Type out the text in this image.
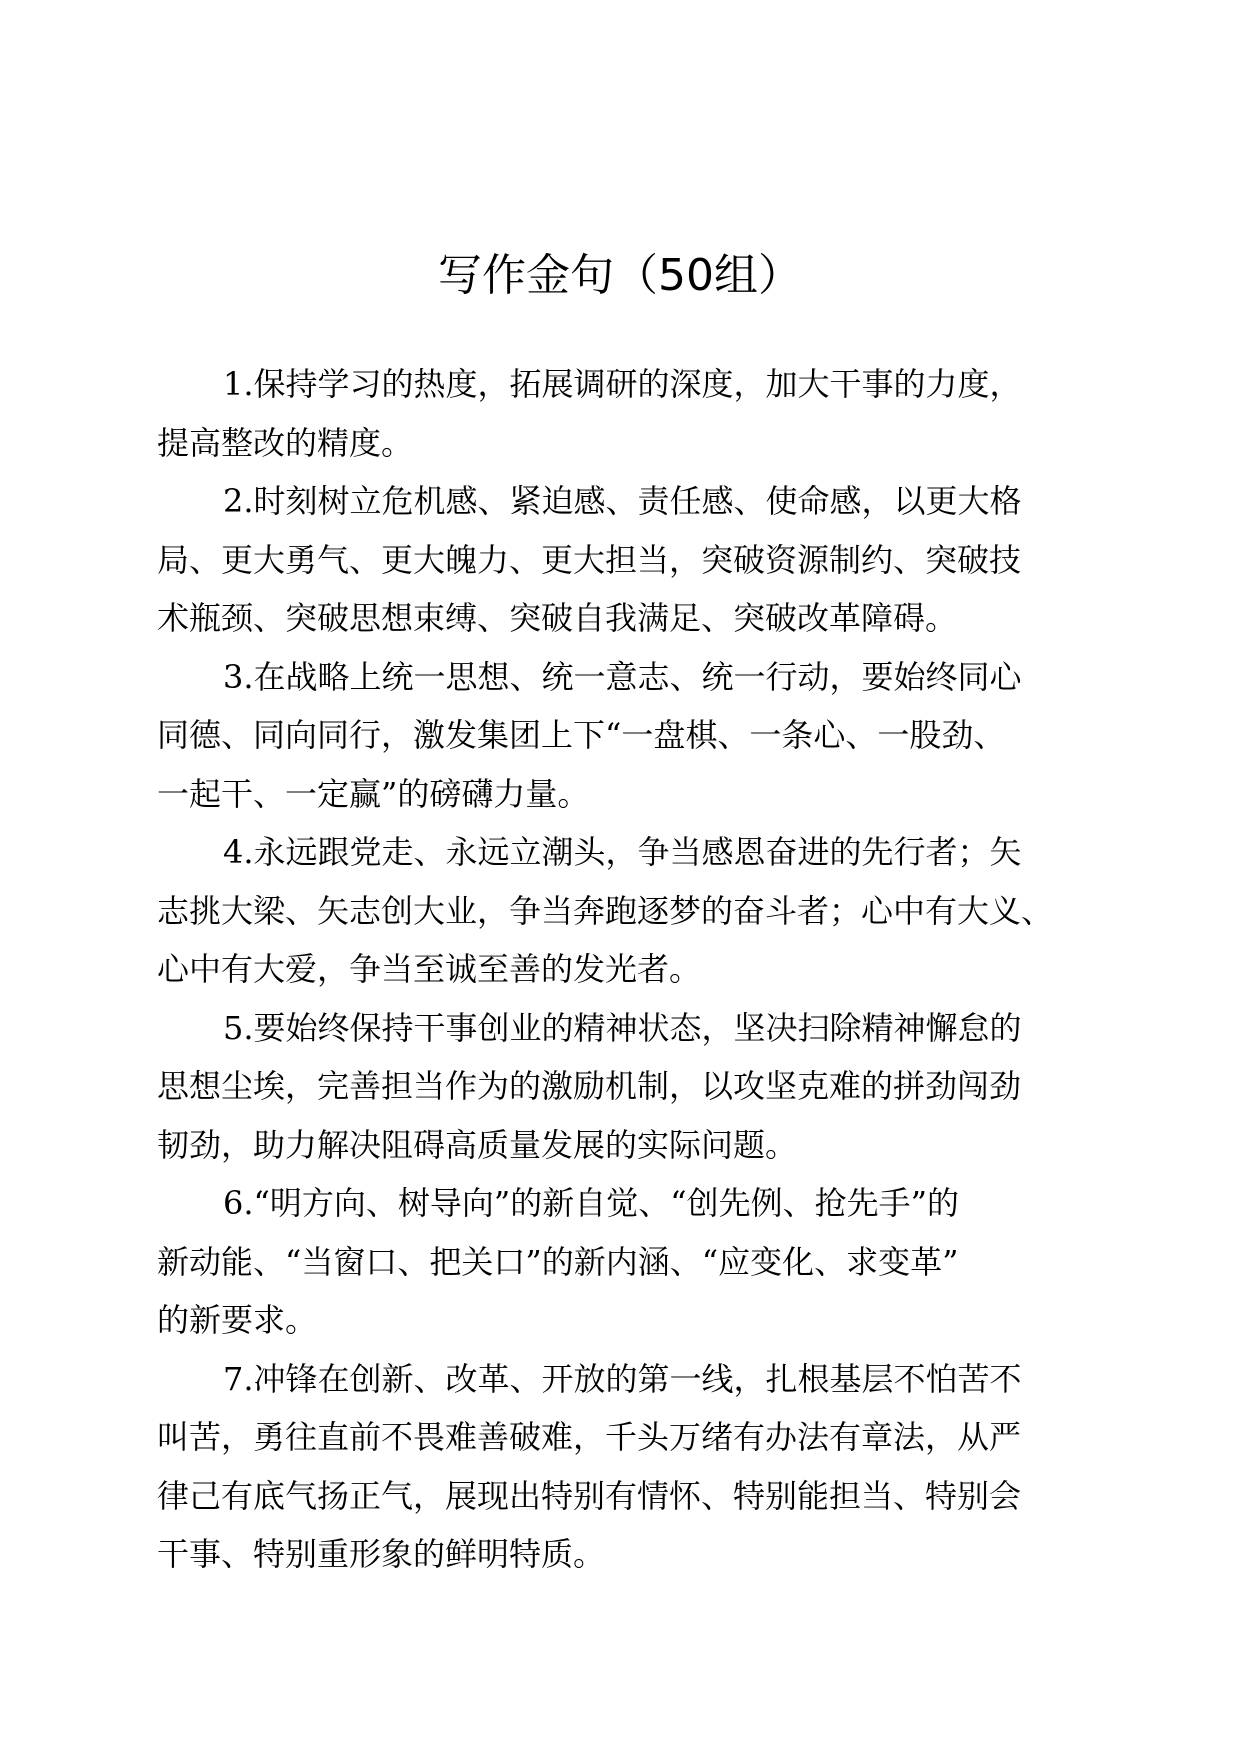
写作金句（50组）

1.保持学习的热度，拓展调研的深度，加大干事的力度，
提高整改的精度。

2.时刻树立危机感、紧迫感、责任感、使命感，以更大格
局、更大勇气、更大魄力、更大担当，突破资源制约、突破技
术瓶颈、突破思想束缚、突破自我满足、突破改革障碍。

3.在战略上统一思想、统一意志、统一行动，要始终同心
同德、同向同行，激发集团上下“一盘棋、一条心、一股劲、
一起干、一定赢”的磅礴力量。

4.永远跟党走、永远立潮头，争当感恩奋进的先行者；矢
志挑大梁、矢志创大业，争当奔跑逐梦的奋斗者；心中有大义、
心中有大爱，争当至诚至善的发光者。

5.要始终保持干事创业的精神状态，坚决扫除精神懈怠的
思想尘埃，完善担当作为的激励机制，以攻坚克难的拼劲闯劲
韧劲，助力解决阻碍高质量发展的实际问题。

6.“明方向、树导向”的新自觉、“创先例、抢先手”的
新动能、“当窗口、把关口”的新内涵、“应变化、求变革”
的新要求。

7.冲锋在创新、改革、开放的第一线，扎根基层不怕苦不
叫苦，勇往直前不畏难善破难，千头万绪有办法有章法，从严
律己有底气扬正气，展现出特别有情怀、特别能担当、特别会
干事、特别重形象的鲜明特质。
